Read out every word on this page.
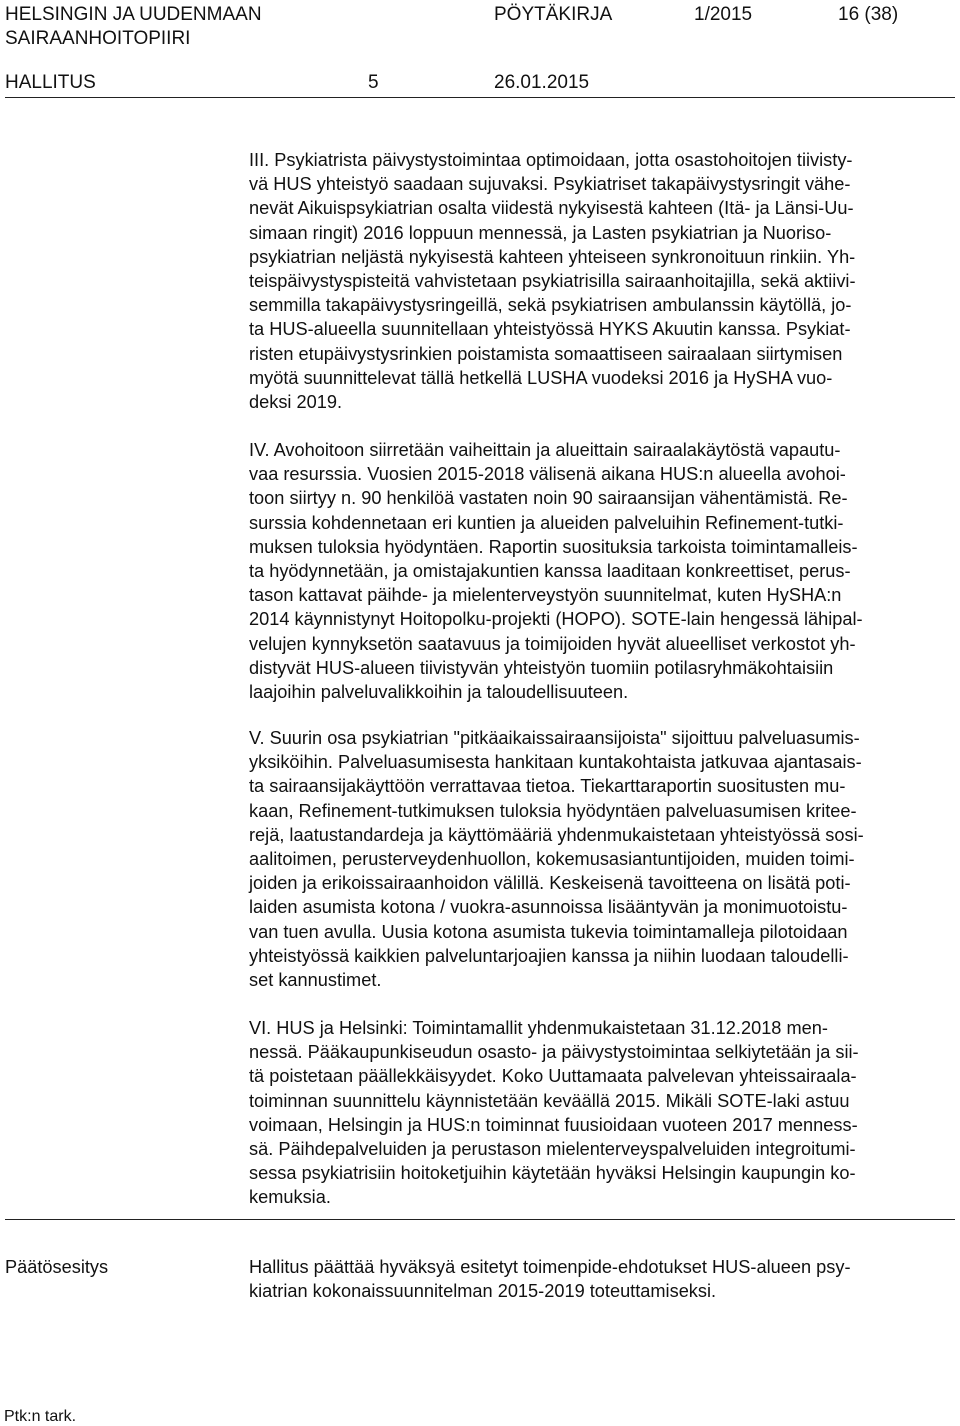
HELSINGIN JA UUDENMAAN
SAIRAANHOITOPIIRI
PÖYTÄKIRJA	1/2015	16 (38)
HALLITUS	5	26.01.2015
III. Psykiatrista päivystystoimintaa optimoidaan, jotta osastohoitojen tiivisty-
vä HUS yhteistyö saadaan sujuvaksi. Psykiatriset takapäivystysringit vähe-
nevät Aikuispsykiatrian osalta viidestä nykyisestä kahteen (Itä- ja Länsi-Uu-
simaan ringit) 2016 loppuun mennessä, ja Lasten psykiatrian ja Nuoriso-
psykiatrian neljästä nykyisestä kahteen yhteiseen synkronoituun rinkiin. Yh-
teispäivystyspisteitä vahvistetaan psykiatrisilla sairaanhoitajilla, sekä aktiivi-
semmilla takapäivystysringeillä, sekä psykiatrisen ambulanssin käytöllä, jo-
ta HUS-alueella suunnitellaan yhteistyössä HYKS Akuutin kanssa. Psykiat-
risten etupäivystysrinkien poistamista somaattiseen sairaalaan siirtymisen
myötä suunnittelevat tällä hetkellä LUSHA vuodeksi 2016 ja HySHA vuo-
deksi 2019.
IV. Avohoitoon siirretään vaiheittain ja alueittain sairaalakäytöstä vapautu-
vaa resurssia. Vuosien 2015-2018 välisenä aikana HUS:n alueella avohoi-
toon siirtyy n. 90 henkilöä vastaten noin 90 sairaansijan vähentämistä. Re-
surssia kohdennetaan eri kuntien ja alueiden palveluihin Refinement-tutki-
muksen tuloksia hyödyntäen. Raportin suosituksia tarkoista toimintamalleis-
ta hyödynnetään, ja omistajakuntien kanssa laaditaan konkreettiset, perus-
tason kattavat päihde- ja mielenterveystyön suunnitelmat, kuten HySHA:n
2014 käynnistynyt Hoitopolku-projekti (HOPO). SOTE-lain hengessä lähipal-
velujen kynnyksetön saatavuus ja toimijoiden hyvät alueelliset verkostot yh-
distyvät HUS-alueen tiivistyvän yhteistyön tuomiin potilasryhmäkohtaisiin
laajoihin palveluvalikkoihin ja taloudellisuuteen.
V. Suurin osa psykiatrian "pitkäaikaissairaansijoista" sijoittuu palveluasumis-
yksiköihin. Palveluasumisesta hankitaan kuntakohtaista jatkuvaa ajantasais-
ta sairaansijakäyttöön verrattavaa tietoa. Tiekarttaraportin suositusten mu-
kaan, Refinement-tutkimuksen tuloksia hyödyntäen palveluasumisen kritee-
rejä, laatustandardeja ja käyttömääriä yhdenmukaistetaan yhteistyössä sosi-
aalitoimen, perusterveydenhuollon, kokemusasiantuntijoiden, muiden toimi-
joiden ja erikoissairaanhoidon välillä. Keskeisenä tavoitteena on lisätä poti-
laiden asumista kotona / vuokra-asunnoissa lisääntyvän ja monimuotoistu-
van tuen avulla. Uusia kotona asumista tukevia toimintamalleja pilotoidaan
yhteistyössä kaikkien palveluntarjoajien kanssa ja niihin luodaan taloudelli-
set kannustimet.
VI. HUS ja Helsinki: Toimintamallit yhdenmukaistetaan 31.12.2018 men-
nessä. Pääkaupunkiseudun osasto- ja päivystystoimintaa selkiytetään ja sii-
tä poistetaan päällekkäisyydet. Koko Uuttamaata palvelevan yhteissairaala-
toiminnan suunnittelu käynnistetään keväällä 2015. Mikäli SOTE-laki astuu
voimaan, Helsingin ja HUS:n toiminnat fuusioidaan vuoteen 2017 menness-
sä. Päihdepalveluiden ja perustason mielenterveyspalveluiden integroitumi-
sessa psykiatrisiin hoitoketjuihin käytetään hyväksi Helsingin kaupungin ko-
kemuksia.
Päätösesitys	Hallitus päättää hyväksyä esitetyt toimenpide-ehdotukset HUS-alueen psy-
kiatrian kokonaissuunnitelman 2015-2019 toteuttamiseksi.
Ptk:n tark.
